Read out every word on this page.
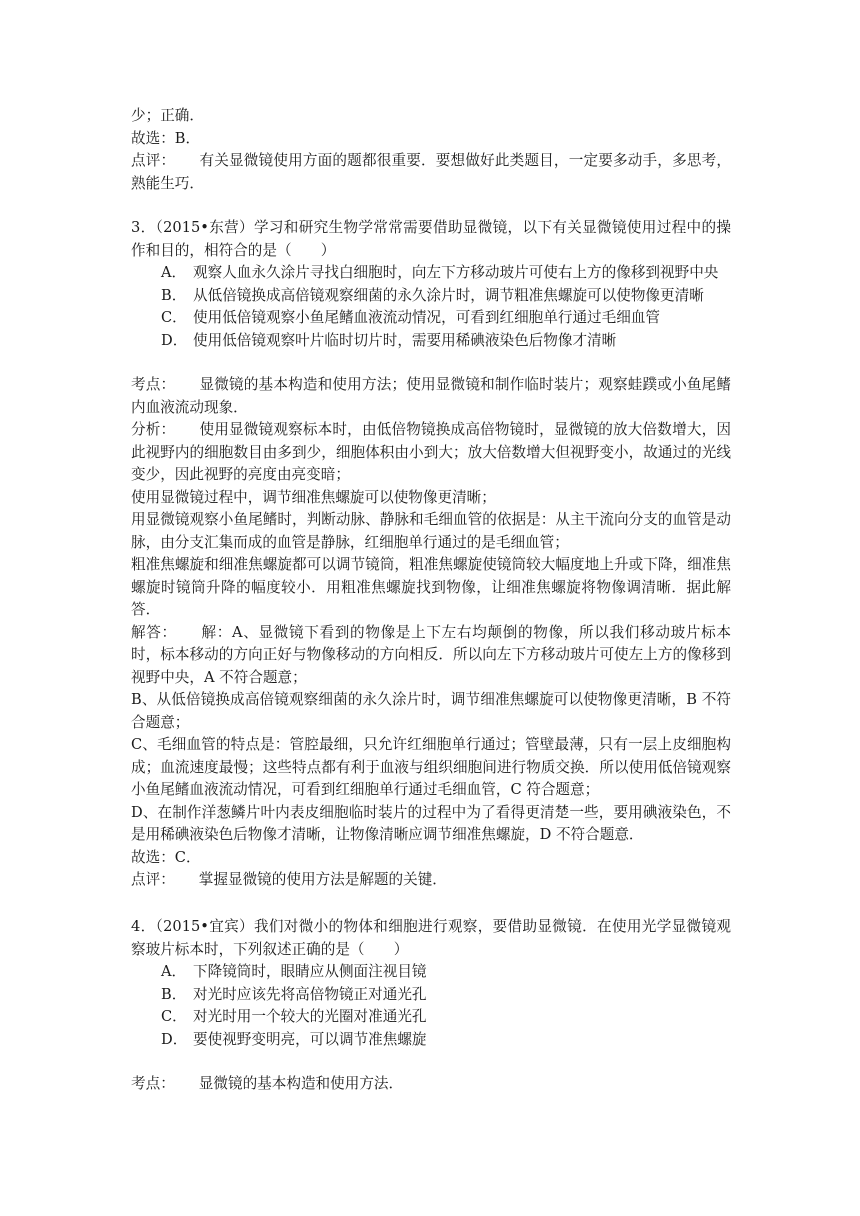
少；正确．

故选：B．

点评： 有关显微镜使用方面的题都很重要．要想做好此类题目，一定要多动手，多思考，熟能生巧．

3．（2015•东营）学习和研究生物学常常需要借助显微镜，以下有关显微镜使用过程中的操作和目的，相符合的是（　　）

A． 观察人血永久涂片寻找白细胞时，向左下方移动玻片可使右上方的像移到视野中央
B． 从低倍镜换成高倍镜观察细菌的永久涂片时，调节粗准焦螺旋可以使物像更清晰
C． 使用低倍镜观察小鱼尾鳍血液流动情况，可看到红细胞单行通过毛细血管
D． 使用低倍镜观察叶片临时切片时，需要用稀碘液染色后物像才清晰

考点： 显微镜的基本构造和使用方法；使用显微镜和制作临时装片；观察蛙蹼或小鱼尾鳍内血液流动现象．

分析： 使用显微镜观察标本时，由低倍物镜换成高倍物镜时，显微镜的放大倍数增大，因此视野内的细胞数目由多到少，细胞体积由小到大；放大倍数增大但视野变小，故通过的光线变少，因此视野的亮度由亮变暗；

使用显微镜过程中，调节细准焦螺旋可以使物像更清晰；

用显微镜观察小鱼尾鳍时，判断动脉、静脉和毛细血管的依据是：从主干流向分支的血管是动脉，由分支汇集而成的血管是静脉，红细胞单行通过的是毛细血管；

粗准焦螺旋和细准焦螺旋都可以调节镜筒，粗准焦螺旋使镜筒较大幅度地上升或下降，细准焦螺旋时镜筒升降的幅度较小．用粗准焦螺旋找到物像，让细准焦螺旋将物像调清晰．据此解答．

解答： 解：A、显微镜下看到的物像是上下左右均颠倒的物像，所以我们移动玻片标本时，标本移动的方向正好与物像移动的方向相反．所以向左下方移动玻片可使左上方的像移到视野中央，A 不符合题意；

B、从低倍镜换成高倍镜观察细菌的永久涂片时，调节细准焦螺旋可以使物像更清晰，B 不符合题意；

C、毛细血管的特点是：管腔最细，只允许红细胞单行通过；管壁最薄，只有一层上皮细胞构成；血流速度最慢；这些特点都有利于血液与组织细胞间进行物质交换．所以使用低倍镜观察小鱼尾鳍血液流动情况，可看到红细胞单行通过毛细血管，C 符合题意；

D、在制作洋葱鳞片叶内表皮细胞临时装片的过程中为了看得更清楚一些，要用碘液染色，不是用稀碘液染色后物像才清晰，让物像清晰应调节细准焦螺旋，D 不符合题意．

故选：C．

点评： 掌握显微镜的使用方法是解题的关键．

4．（2015•宜宾）我们对微小的物体和细胞进行观察，要借助显微镜．在使用光学显微镜观察玻片标本时，下列叙述正确的是（　　）

A． 下降镜筒时，眼睛应从侧面注视目镜
B． 对光时应该先将高倍物镜正对通光孔
C． 对光时用一个较大的光圈对准通光孔
D． 要使视野变明亮，可以调节准焦螺旋

考点： 显微镜的基本构造和使用方法．
